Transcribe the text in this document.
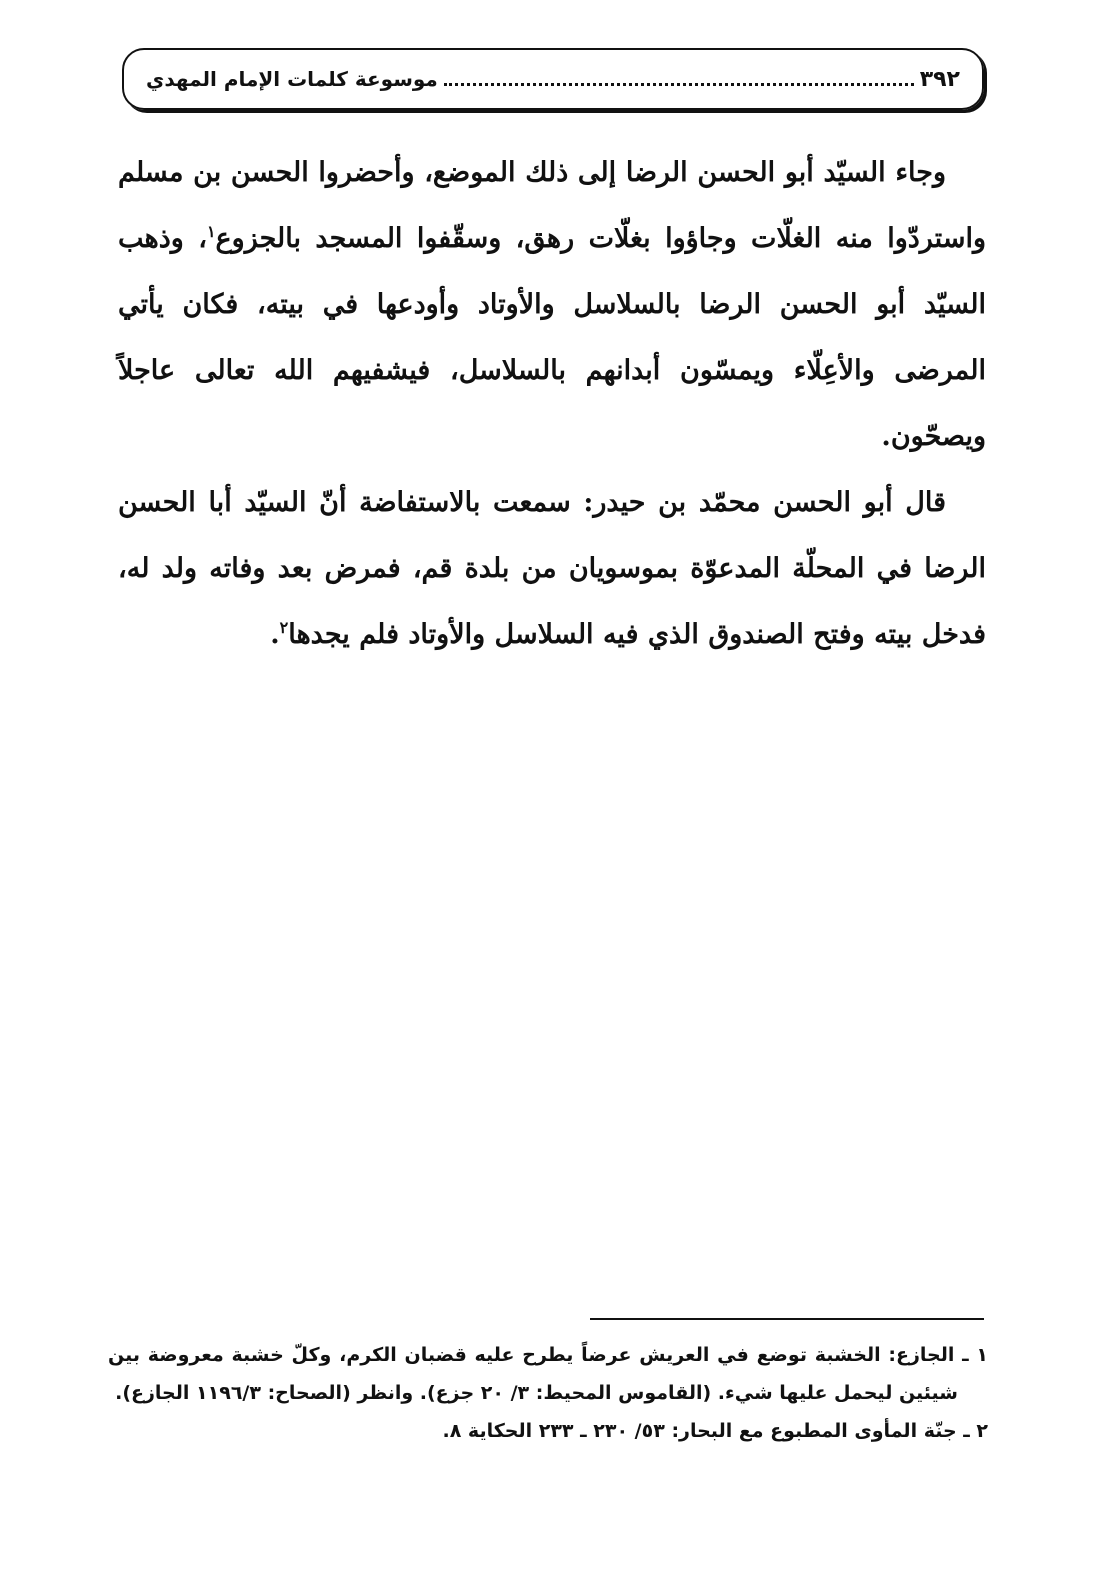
٣٩٢
موسوعة كلمات الإمام المهدي

وجاء السيّد أبو الحسن الرضا إلى ذلك الموضع، وأحضروا الحسن بن مسلم واستردّوا منه الغلّات وجاؤوا بغلّات رهق، وسقّفوا المسجد بالجزوع$^١$، وذهب السيّد أبو الحسن الرضا بالسلاسل والأوتاد وأودعها في بيته، فكان يأتي المرضى والأعِلّاء ويمسّون أبدانهم بالسلاسل، فيشفيهم الله تعالى عاجلاً ويصحّون.

قال أبو الحسن محمّد بن حيدر: سمعت بالاستفاضة أنّ السيّد أبا الحسن الرضا في المحلّة المدعوّة بموسويان من بلدة قم، فمرض بعد وفاته ولد له، فدخل بيته وفتح الصندوق الذي فيه السلاسل والأوتاد فلم يجدها$^٢$.

١ ـ الجازع: الخشبة توضع في العريش عرضاً يطرح عليه قضبان الكرم، وكلّ خشبة معروضة بين شيئين ليحمل عليها شيء. (القاموس المحيط: ٣/ ٢٠ جزع). وانظر (الصحاح: ١١٩٦/٣ الجازع).

٢ ـ جنّة المأوى المطبوع مع البحار: ٥٣/ ٢٣٠ ـ ٢٣٣ الحكاية ٨.
